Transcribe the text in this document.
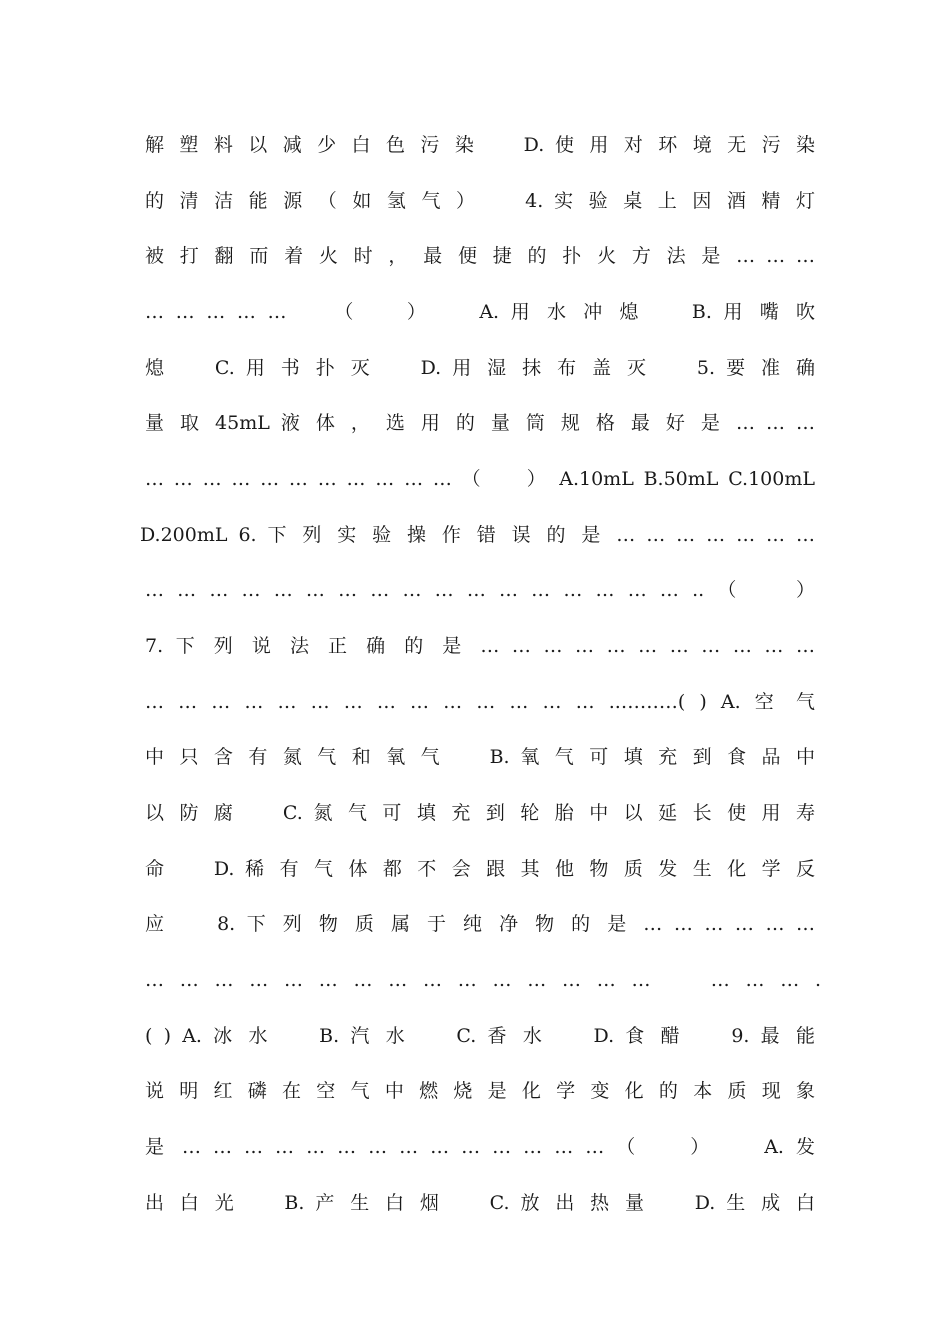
解 塑 料 以 减 少 白 色 污 染 　 D. 使 用 对 环 境 无 污 染
的 清 洁 能 源 （ 如 氢 气 ） 　 4. 实 验 桌 上 因 酒 精 灯
被 打 翻 而 着 火 时 ， 最 便 捷 的 扑 火 方 法 是 … … …
… … … … … 　 （ 　 ） 　 A. 用 水 冲 熄 　 B. 用 嘴 吹
熄 　 C. 用 书 扑 灭 　 D. 用 湿 抹 布 盖 灭 　 5. 要 准 确
量 取 45mL 液 体 ， 选 用 的 量 筒 规 格 最 好 是 … … …
… … … … … … … … … … … （ 　 ） A.10mL B.50mL C.100mL
D.200mL 6. 下 列 实 验 操 作 错 误 的 是 … … … … … … …
… … … … … … … … … … … … … … … … … .. （ 　 ）
7. 下 列 说 法 正 确 的 是 … … … … … … … … … … …
… … … … … … … … … … … … … … ..………( ) A. 空 气
中 只 含 有 氮 气 和 氧 气 　 B. 氧 气 可 填 充 到 食 品 中
以 防 腐 　 C. 氮 气 可 填 充 到 轮 胎 中 以 延 长 使 用 寿
命 　 D. 稀 有 气 体 都 不 会 跟 其 他 物 质 发 生 化 学 反
应 　 8. 下 列 物 质 属 于 纯 净 物 的 是 … … … … … …
… … … … … … … … … … … … … … … 　 … … … .
( ) A. 冰 水 　 B. 汽 水 　 C. 香 水 　 D. 食 醋 　 9. 最 能
说 明 红 磷 在 空 气 中 燃 烧 是 化 学 变 化 的 本 质 现 象
是 … … … … … … … … … … … … … … （ 　 ） 　 A. 发
出 白 光 　 B. 产 生 白 烟 　 C. 放 出 热 量 　 D. 生 成 白
